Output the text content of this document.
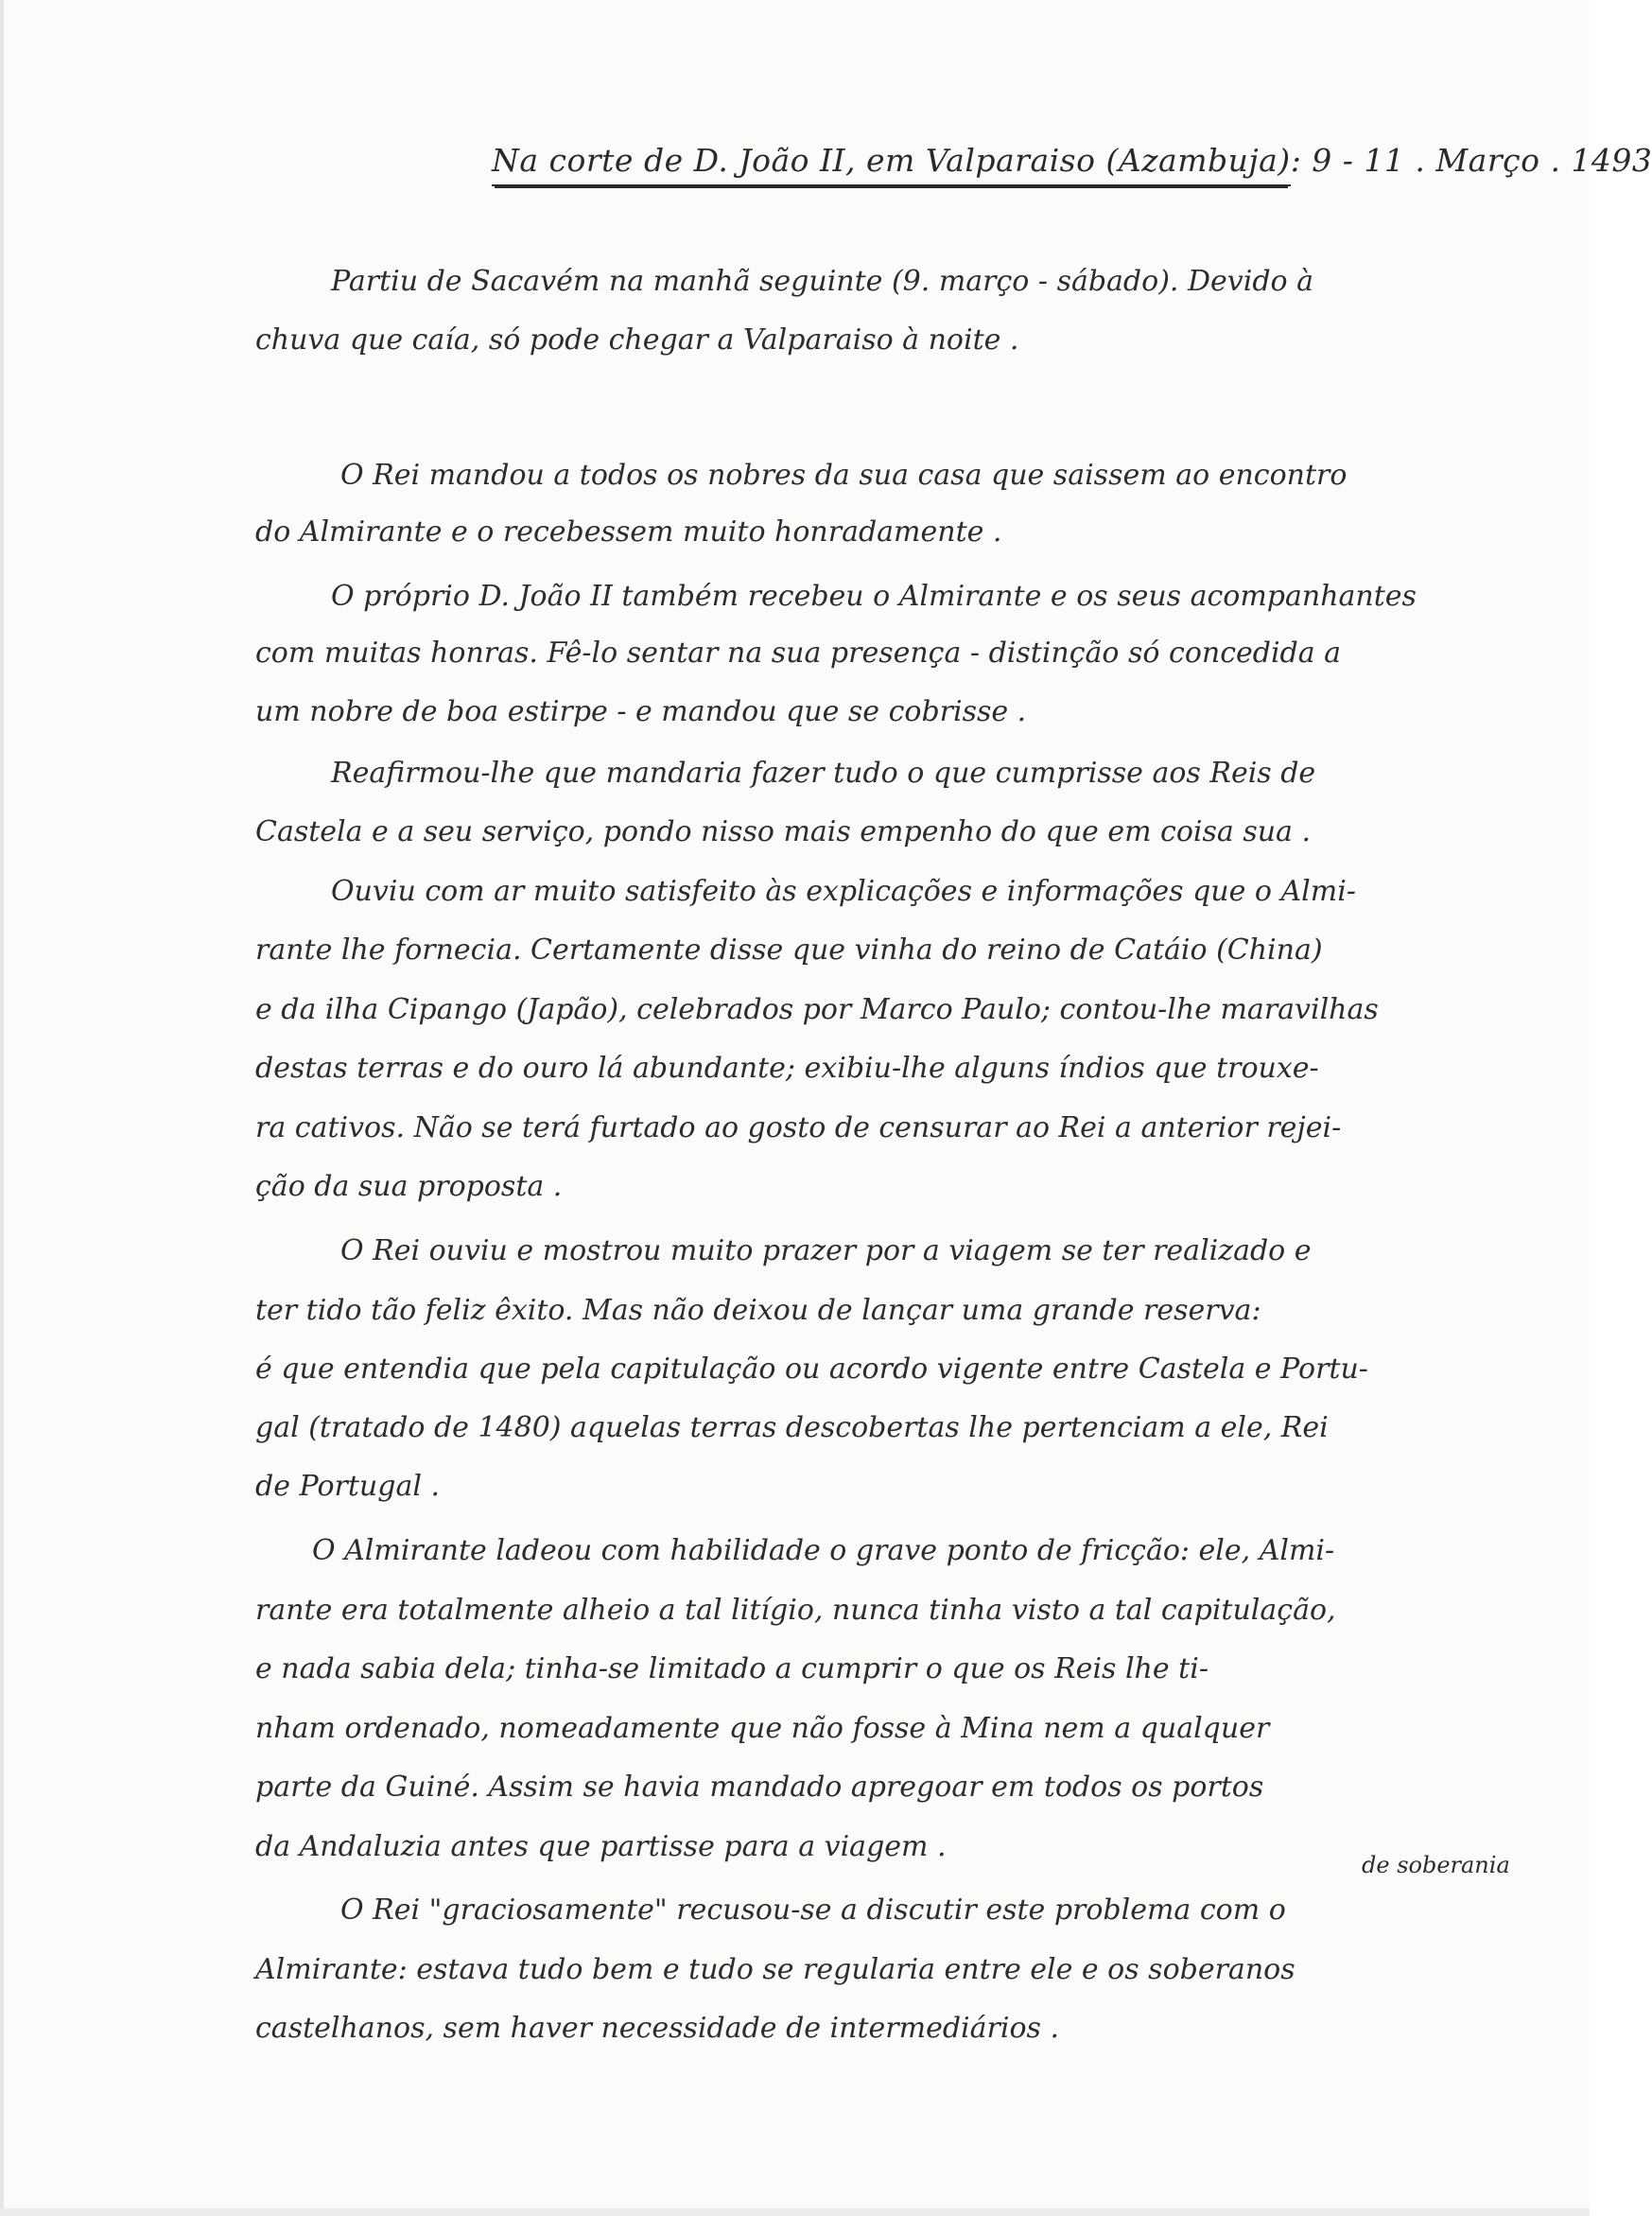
Na corte de D. João II, em Valparaiso (Azambuja): 9 - 11 . Março . 1493
Partiu de Sacavém na manhã seguinte (9. março - sábado). Devido à
chuva que caía, só pode chegar a Valparaiso à noite .
O Rei mandou a todos os nobres da sua casa que saissem ao encontro
do Almirante e o recebessem muito honradamente .
O próprio D. João II também recebeu o Almirante e os seus acompanhantes
com muitas honras. Fê-lo sentar na sua presença - distinção só concedida a
um nobre de boa estirpe - e mandou que se cobrisse .
Reafirmou-lhe que mandaria fazer tudo o que cumprisse aos Reis de
Castela e a seu serviço, pondo nisso mais empenho do que em coisa sua .
Ouviu com ar muito satisfeito às explicações e informações que o Almi-
rante lhe fornecia. Certamente disse que vinha do reino de Catáio (China)
e da ilha Cipango (Japão), celebrados por Marco Paulo; contou-lhe maravilhas
destas terras e do ouro lá abundante; exibiu-lhe alguns índios que trouxe-
ra cativos. Não se terá furtado ao gosto de censurar ao Rei a anterior rejei-
ção da sua proposta .
O Rei ouviu e mostrou muito prazer por a viagem se ter realizado e
ter tido tão feliz êxito. Mas não deixou de lançar uma grande reserva:
é que entendia que pela capitulação ou acordo vigente entre Castela e Portu-
gal (tratado de 1480) aquelas terras descobertas lhe pertenciam a ele, Rei
de Portugal .
O Almirante ladeou com habilidade o grave ponto de fricção: ele, Almi-
rante era totalmente alheio a tal litígio, nunca tinha visto a tal capitulação,
e nada sabia dela; tinha-se limitado a cumprir o que os Reis lhe ti-
nham ordenado, nomeadamente que não fosse à Mina nem a qualquer
parte da Guiné. Assim se havia mandado apregoar em todos os portos
da Andaluzia antes que partisse para a viagem .
O Rei "graciosamente" recusou-se a discutir este problema com o
Almirante: estava tudo bem e tudo se regularia entre ele e os soberanos
castelhanos, sem haver necessidade de intermediários .
de soberania
